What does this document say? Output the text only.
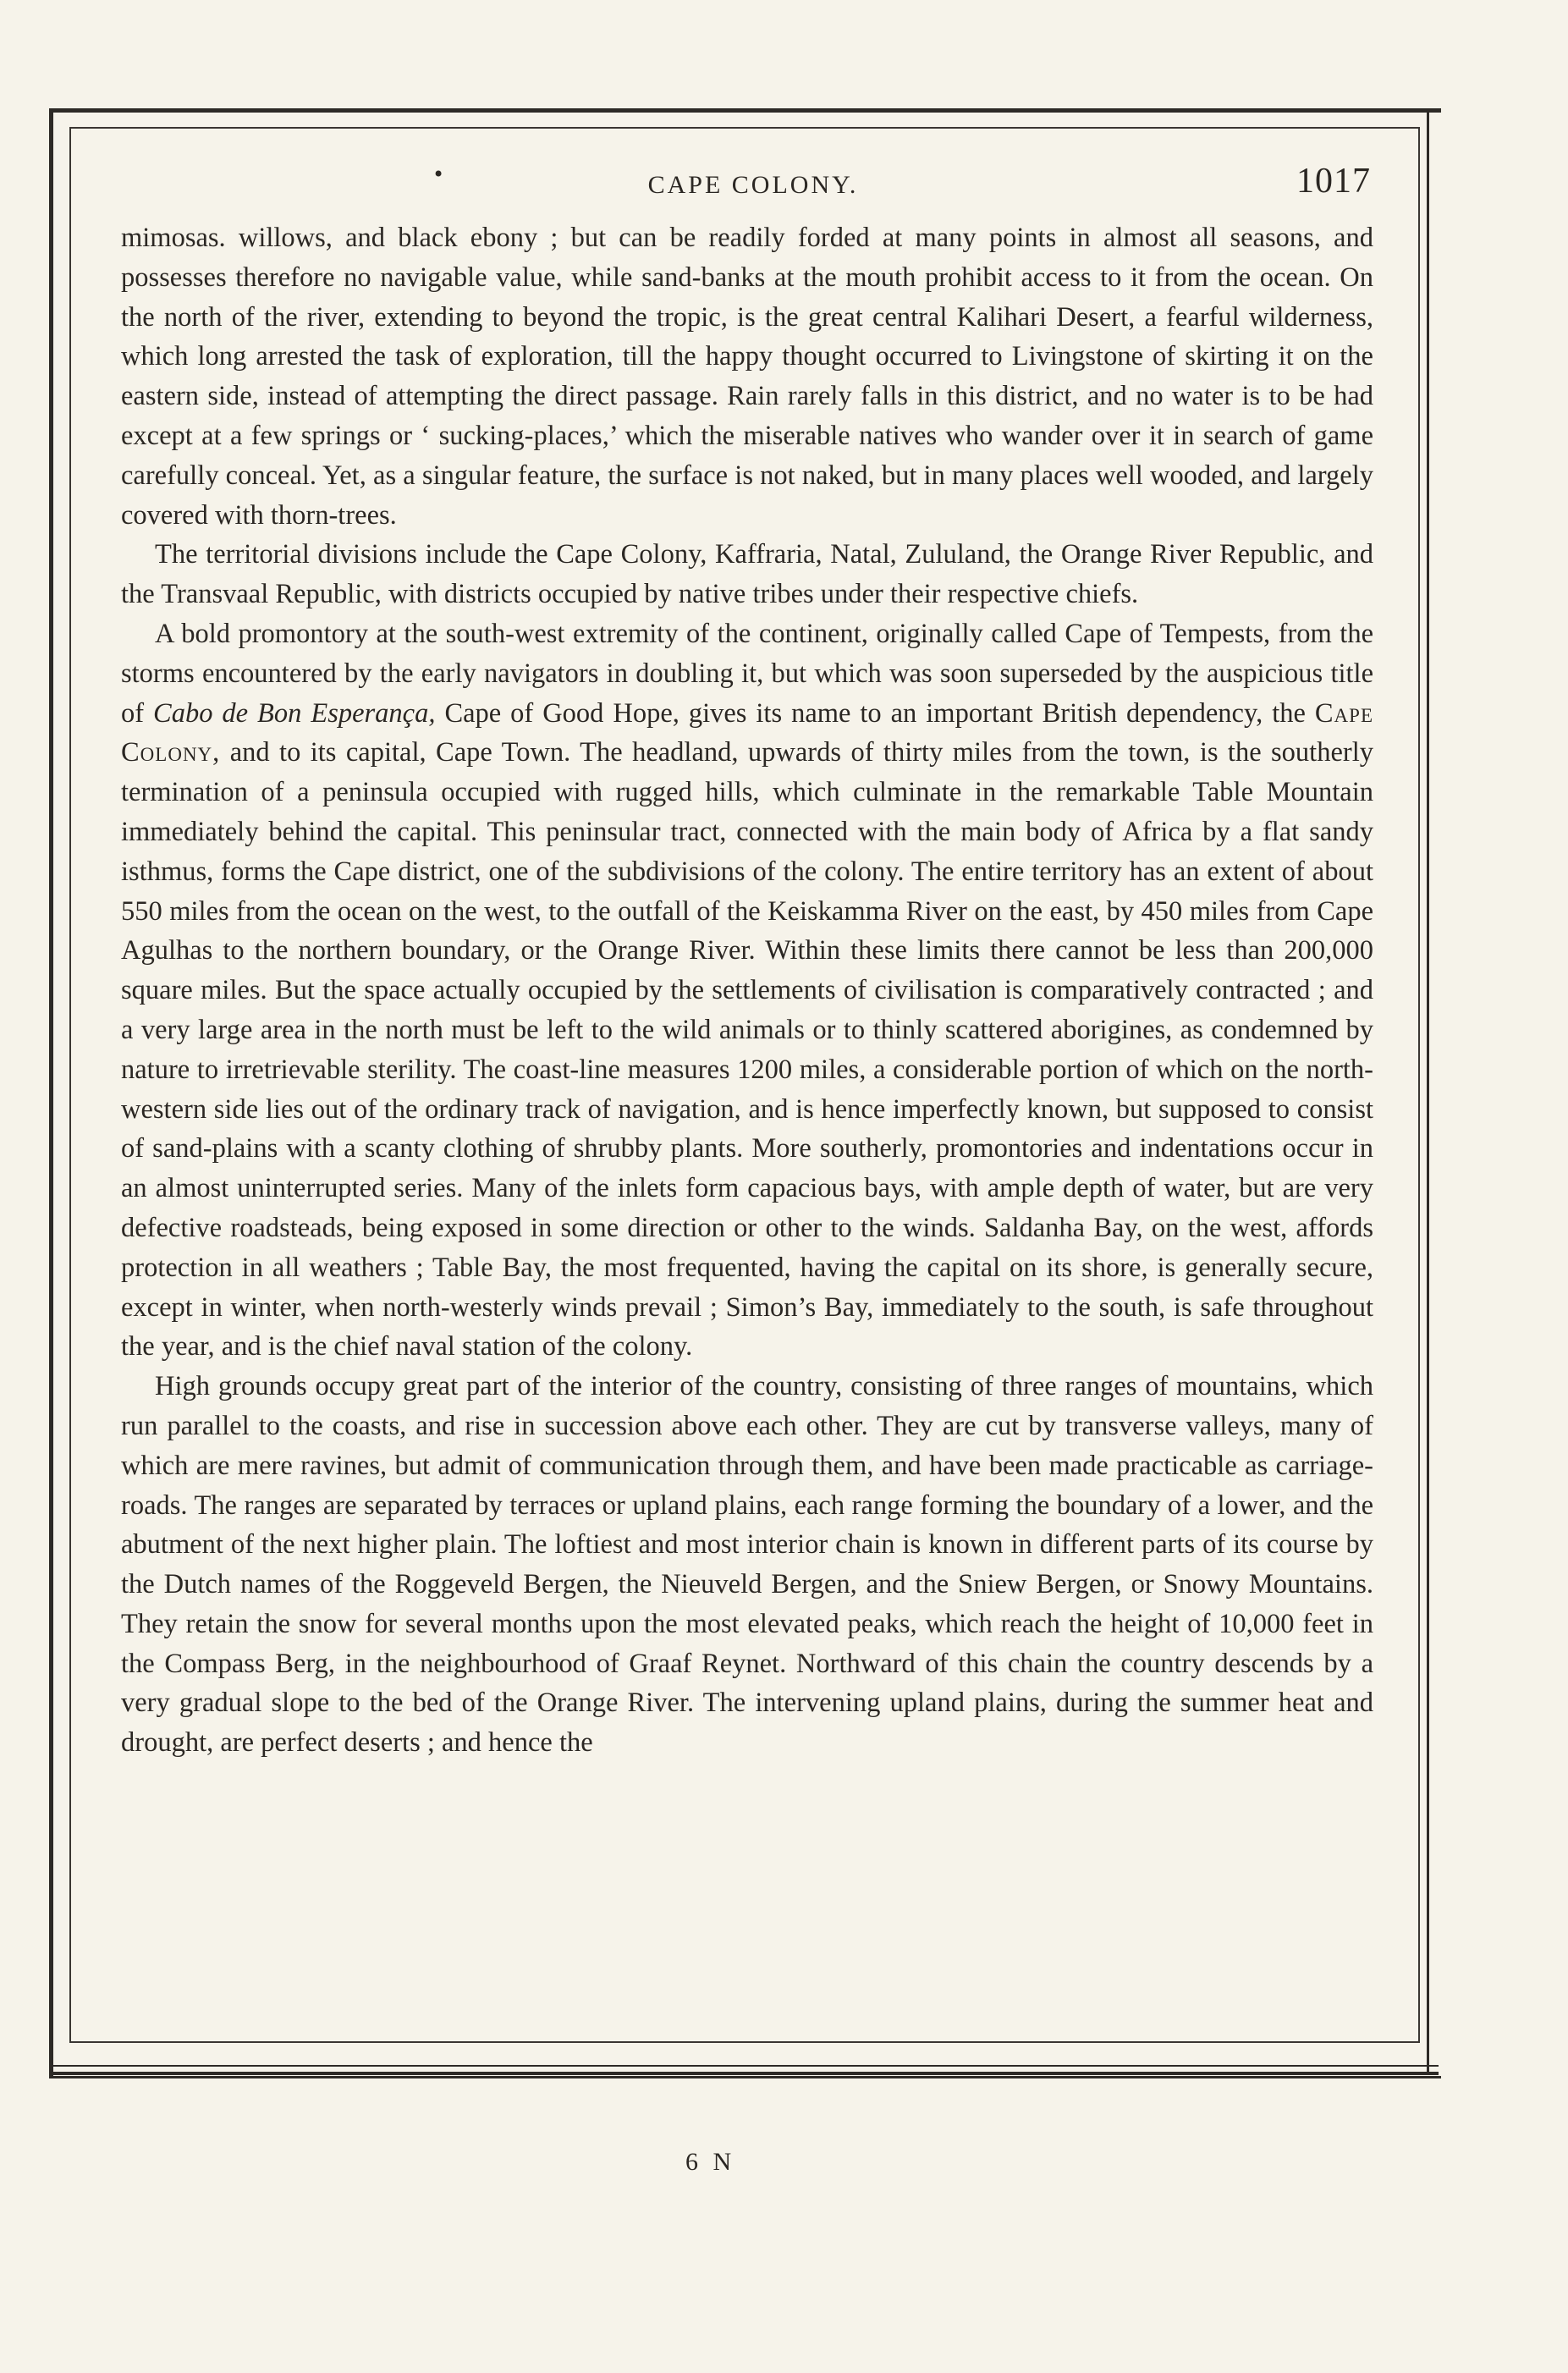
•	CAPE COLONY.	1017

mimosas. willows, and black ebony ; but can be readily forded at many points in almost all seasons, and possesses therefore no navigable value, while sand-banks at the mouth prohibit access to it from the ocean. On the north of the river, extending to beyond the tropic, is the great central Kalihari Desert, a fearful wilderness, which long arrested the task of exploration, till the happy thought occurred to Livingstone of skirting it on the eastern side, instead of attempting the direct passage. Rain rarely falls in this district, and no water is to be had except at a few springs or ‘ sucking-places,’ which the miserable natives who wander over it in search of game carefully conceal. Yet, as a singular feature, the surface is not naked, but in many places well wooded, and largely covered with thorn-trees.

The territorial divisions include the Cape Colony, Kaffraria, Natal, Zululand, the Orange River Republic, and the Transvaal Republic, with districts occupied by native tribes under their respective chiefs.

A bold promontory at the south-west extremity of the continent, originally called Cape of Tempests, from the storms encountered by the early navigators in doubling it, but which was soon superseded by the auspicious title of Cabo de Bon Esperança, Cape of Good Hope, gives its name to an important British dependency, the Cape Colony, and to its capital, Cape Town. The headland, upwards of thirty miles from the town, is the southerly termination of a peninsula occupied with rugged hills, which culminate in the remarkable Table Mountain immediately behind the capital. This peninsular tract, connected with the main body of Africa by a flat sandy isthmus, forms the Cape district, one of the subdivisions of the colony. The entire territory has an extent of about 550 miles from the ocean on the west, to the outfall of the Keiskamma River on the east, by 450 miles from Cape Agulhas to the northern boundary, or the Orange River. Within these limits there cannot be less than 200,000 square miles. But the space actually occupied by the settlements of civilisation is comparatively contracted ; and a very large area in the north must be left to the wild animals or to thinly scattered aborigines, as condemned by nature to irretrievable sterility. The coast-line measures 1200 miles, a considerable portion of which on the north-western side lies out of the ordinary track of navigation, and is hence imperfectly known, but supposed to consist of sand-plains with a scanty clothing of shrubby plants. More southerly, promontories and indentations occur in an almost uninterrupted series. Many of the inlets form capacious bays, with ample depth of water, but are very defective roadsteads, being exposed in some direction or other to the winds. Saldanha Bay, on the west, affords protection in all weathers ; Table Bay, the most frequented, having the capital on its shore, is generally secure, except in winter, when north-westerly winds prevail ; Simon’s Bay, immediately to the south, is safe throughout the year, and is the chief naval station of the colony.

High grounds occupy great part of the interior of the country, consisting of three ranges of mountains, which run parallel to the coasts, and rise in succession above each other. They are cut by transverse valleys, many of which are mere ravines, but admit of communication through them, and have been made practicable as carriage-roads. The ranges are separated by terraces or upland plains, each range forming the boundary of a lower, and the abutment of the next higher plain. The loftiest and most interior chain is known in different parts of its course by the Dutch names of the Roggeveld Bergen, the Nieuveld Bergen, and the Sniew Bergen, or Snowy Mountains. They retain the snow for several months upon the most elevated peaks, which reach the height of 10,000 feet in the Compass Berg, in the neighbourhood of Graaf Reynet. Northward of this chain the country descends by a very gradual slope to the bed of the Orange River. The intervening upland plains, during the summer heat and drought, are perfect deserts ; and hence the

6 N
